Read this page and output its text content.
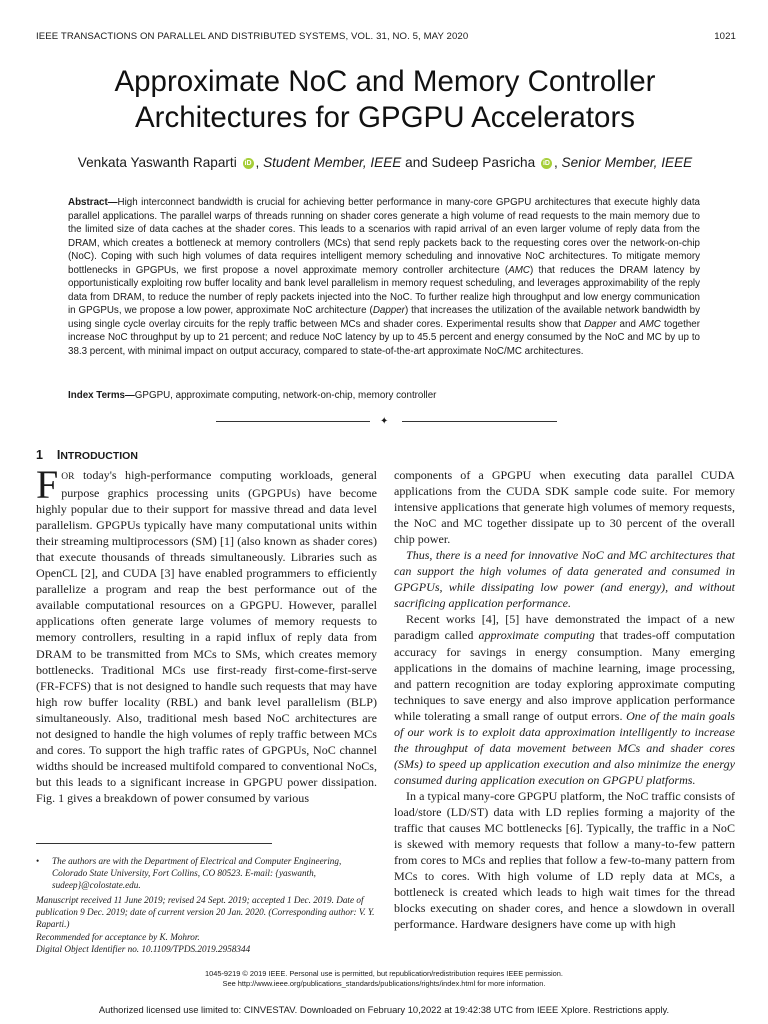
IEEE TRANSACTIONS ON PARALLEL AND DISTRIBUTED SYSTEMS, VOL. 31, NO. 5, MAY 2020	1021
Approximate NoC and Memory Controller
Architectures for GPGPU Accelerators
Venkata Yaswanth Raparti iD , Student Member, IEEE and Sudeep Pasricha iD , Senior Member, IEEE
Abstract—High interconnect bandwidth is crucial for achieving better performance in many-core GPGPU architectures that execute highly data parallel applications. The parallel warps of threads running on shader cores generate a high volume of read requests to the main memory due to the limited size of data caches at the shader cores. This leads to a scenarios with rapid arrival of an even larger volume of reply data from the DRAM, which creates a bottleneck at memory controllers (MCs) that send reply packets back to the requesting cores over the network-on-chip (NoC). Coping with such high volumes of data requires intelligent memory scheduling and innovative NoC architectures. To mitigate memory bottlenecks in GPGPUs, we first propose a novel approximate memory controller architecture (AMC) that reduces the DRAM latency by opportunistically exploiting row buffer locality and bank level parallelism in memory request scheduling, and leverages approximability of the reply data from DRAM, to reduce the number of reply packets injected into the NoC. To further realize high throughput and low energy communication in GPGPUs, we propose a low power, approximate NoC architecture (Dapper) that increases the utilization of the available network bandwidth by using single cycle overlay circuits for the reply traffic between MCs and shader cores. Experimental results show that Dapper and AMC together increase NoC throughput by up to 21 percent; and reduce NoC latency by up to 45.5 percent and energy consumed by the NoC and MC by up to 38.3 percent, with minimal impact on output accuracy, compared to state-of-the-art approximate NoC/MC architectures.
Index Terms—GPGPU, approximate computing, network-on-chip, memory controller
✦
1 INTRODUCTION

FOR today's high-performance computing workloads, general purpose graphics processing units (GPGPUs) have become highly popular due to their support for massive thread and data level parallelism. GPGPUs typically have many computational units within their streaming multiprocessors (SM) [1] (also known as shader cores) that execute thousands of threads simultaneously. Libraries such as OpenCL [2], and CUDA [3] have enabled programmers to efficiently parallelize a program and reap the best performance out of the available computational resources on a GPGPU. However, parallel applications often generate large volumes of memory requests to memory controllers, resulting in a rapid influx of reply data from DRAM to be transmitted from MCs to SMs, which creates memory bottlenecks. Traditional MCs use first-ready first-come-first-serve (FR-FCFS) that is not designed to handle such requests that may have high row buffer locality (RBL) and bank level parallelism (BLP) simultaneously. Also, traditional mesh based NoC architectures are not designed to handle the high volumes of reply traffic between MCs and cores. To support the high traffic rates of GPGPUs, NoC channel widths should be increased multifold compared to conventional NoCs, but this leads to a significant increase in GPGPU power dissipation. Fig. 1 gives a breakdown of power consumed by various

components of a GPGPU when executing data parallel CUDA applications from the CUDA SDK sample code suite. For memory intensive applications that generate high volumes of memory requests, the NoC and MC together dissipate up to 30 percent of the overall chip power.

Thus, there is a need for innovative NoC and MC architectures that can support the high volumes of data generated and consumed in GPGPUs, while dissipating low power (and energy), and without sacrificing application performance.

Recent works [4], [5] have demonstrated the impact of a new paradigm called approximate computing that trades-off computation accuracy for savings in energy consumption. Many emerging applications in the domains of machine learning, image processing, and pattern recognition are today exploring approximate computing techniques to save energy and also improve application performance while tolerating a small range of output errors. One of the main goals of our work is to exploit data approximation intelligently to increase the throughput of data movement between MCs and shader cores (SMs) to speed up application execution and also minimize the energy consumed during application execution on GPGPU platforms.

In a typical many-core GPGPU platform, the NoC traffic consists of load/store (LD/ST) data with LD replies forming a majority of the traffic that causes MC bottlenecks [6]. Typically, the traffic in a NoC is skewed with memory requests that follow a many-to-few pattern from cores to MCs and replies that follow a few-to-many pattern from MCs to cores. With high volume of LD reply data at MCs, a bottleneck is created which leads to high wait times for the thread blocks executing on shader cores, and hence a slowdown in overall performance. Hardware designers have come up with high

•	The authors are with the Department of Electrical and Computer Engineering, Colorado State University, Fort Collins, CO 80523. E-mail: {yaswanth, sudeep}@colostate.edu.
Manuscript received 11 June 2019; revised 24 Sept. 2019; accepted 1 Dec. 2019. Date of publication 9 Dec. 2019; date of current version 20 Jan. 2020. (Corresponding author: V. Y. Raparti.)
Recommended for acceptance by K. Mohror.
Digital Object Identifier no. 10.1109/TPDS.2019.2958344
1045-9219 © 2019 IEEE. Personal use is permitted, but republication/redistribution requires IEEE permission.
See http://www.ieee.org/publications_standards/publications/rights/index.html for more information.
Authorized licensed use limited to: CINVESTAV. Downloaded on February 10,2022 at 19:42:38 UTC from IEEE Xplore. Restrictions apply.
